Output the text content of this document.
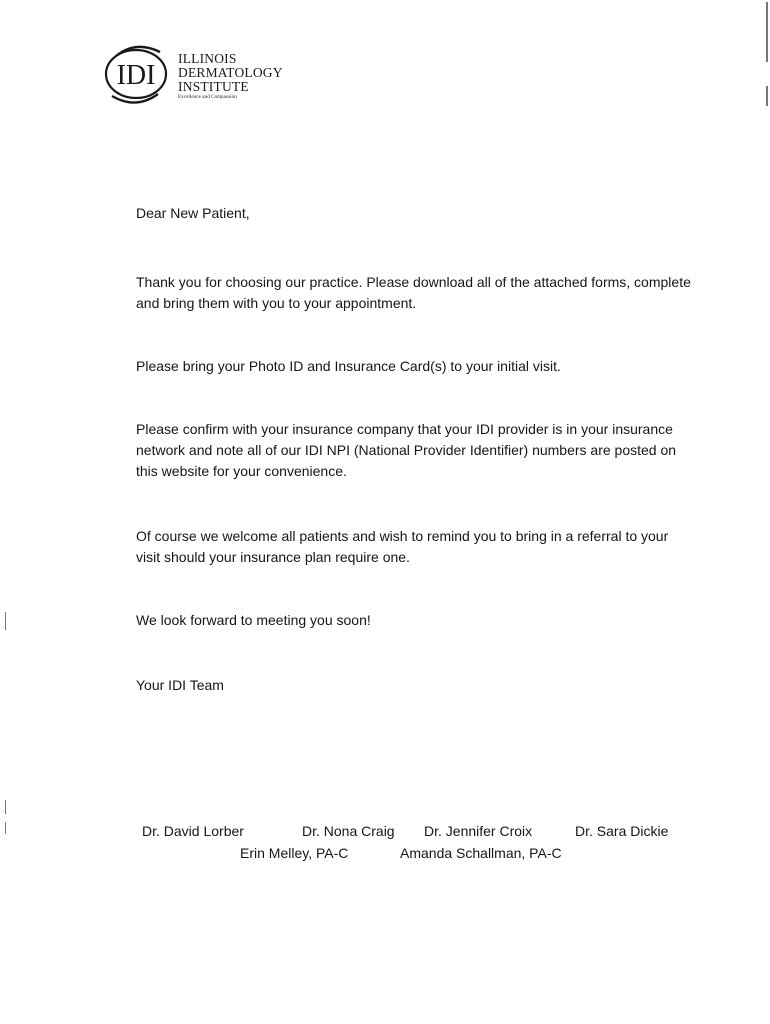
IDI
ILLINOIS
DERMATOLOGY
INSTITUTE
Excellence and Compassion

Dear New Patient,

Thank you for choosing our practice. Please download all of the attached forms, complete and bring them with you to your appointment.

Please bring your Photo ID and Insurance Card(s) to your initial visit.

Please confirm with your insurance company that your IDI provider is in your insurance network and note all of our IDI NPI (National Provider Identifier) numbers are posted on this website for your convenience.

Of course we welcome all patients and wish to remind you to bring in a referral to your visit should your insurance plan require one.

We look forward to meeting you soon!

Your IDI Team

Dr. David Lorber	Dr. Nona Craig Dr. Jennifer Croix	Dr. Sara Dickie
Erin Melley, PA-C	Amanda Schallman, PA-C
